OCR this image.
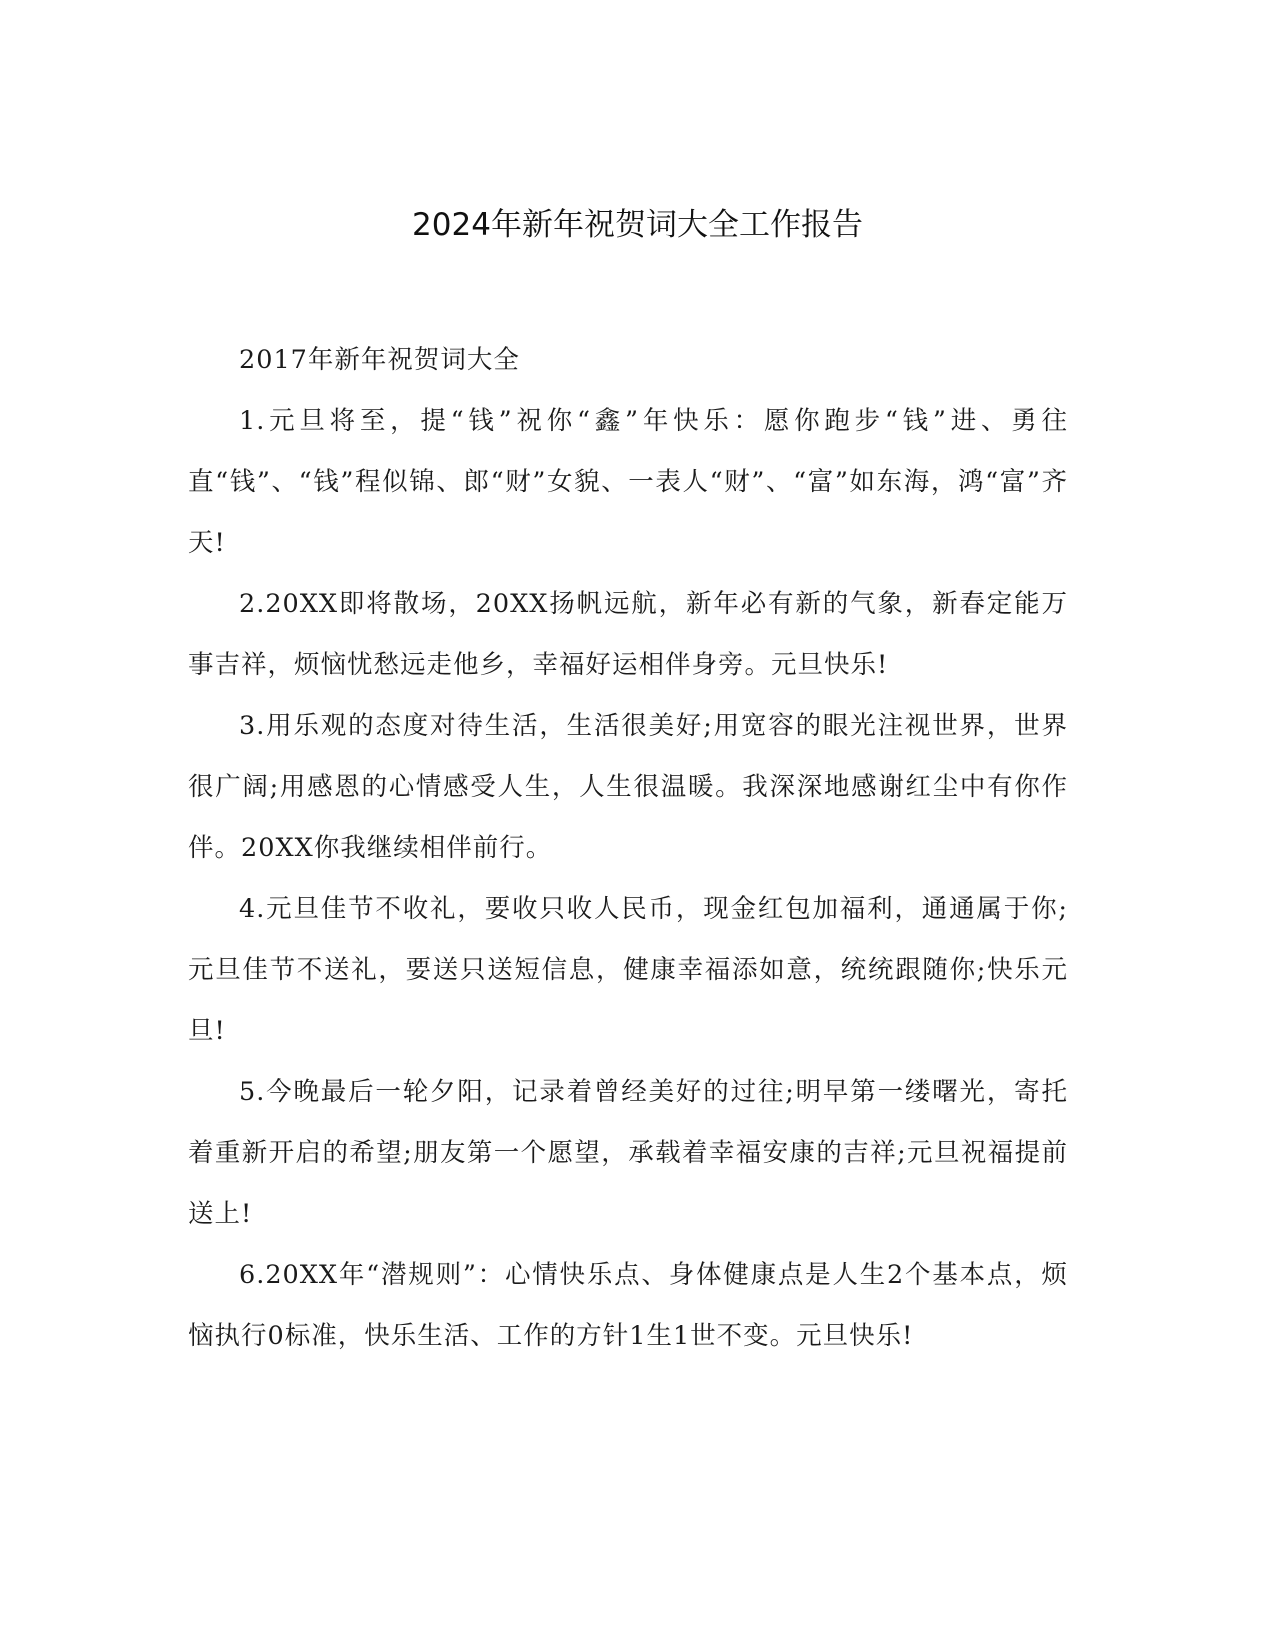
2024年新年祝贺词大全工作报告

2017年新年祝贺词大全

1.元旦将至，提“钱”祝你“鑫”年快乐：愿你跑步“钱”进、勇往直“钱”、“钱”程似锦、郎“财”女貌、一表人“财”、“富”如东海，鸿“富”齐天!

2.20XX即将散场，20XX扬帆远航，新年必有新的气象，新春定能万事吉祥，烦恼忧愁远走他乡，幸福好运相伴身旁。元旦快乐!

3.用乐观的态度对待生活，生活很美好;用宽容的眼光注视世界，世界很广阔;用感恩的心情感受人生，人生很温暖。我深深地感谢红尘中有你作伴。20XX你我继续相伴前行。

4.元旦佳节不收礼，要收只收人民币，现金红包加福利，通通属于你;元旦佳节不送礼，要送只送短信息，健康幸福添如意，统统跟随你;快乐元旦!

5.今晚最后一轮夕阳，记录着曾经美好的过往;明早第一缕曙光，寄托着重新开启的希望;朋友第一个愿望，承载着幸福安康的吉祥;元旦祝福提前送上!

6.20XX年“潜规则”：心情快乐点、身体健康点是人生2个基本点，烦恼执行0标准，快乐生活、工作的方针1生1世不变。元旦快乐!
